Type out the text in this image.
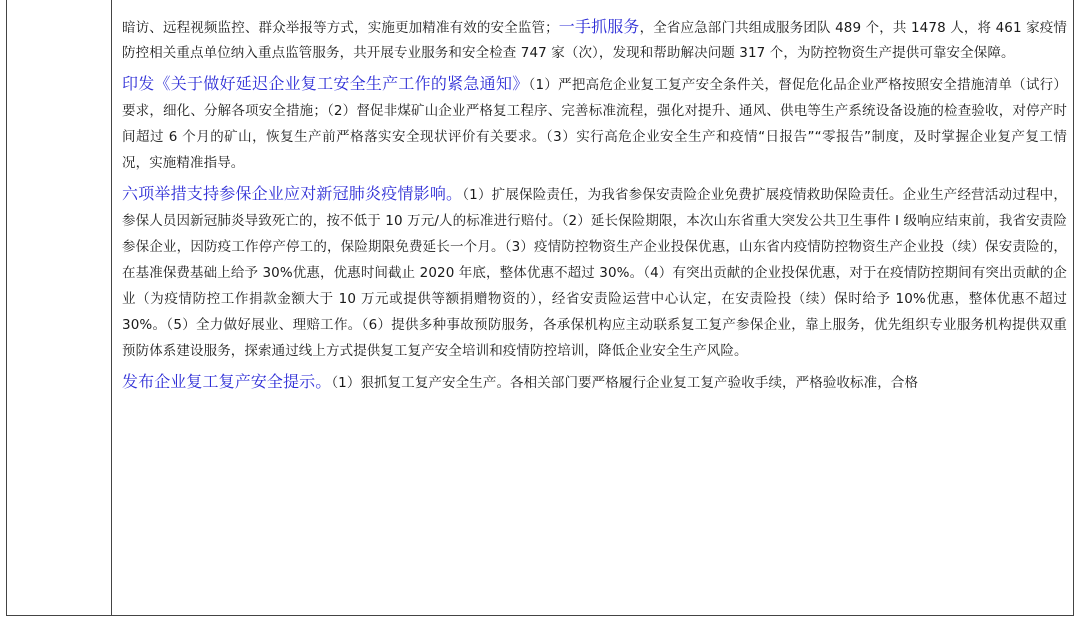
暗访、远程视频监控、群众举报等方式，实施更加精准有效的安全监管；一手抓服务，全省应急部门共组成服务团队 489 个，共 1478 人，将 461 家疫情防控相关重点单位纳入重点监管服务，共开展专业服务和安全检查 747 家（次），发现和帮助解决问题 317 个，为防控物资生产提供可靠安全保障。

印发《关于做好延迟企业复工安全生产工作的紧急通知》（1）严把高危企业复工复产安全条件关，督促危化品企业严格按照安全措施清单（试行）要求，细化、分解各项安全措施；（2）督促非煤矿山企业严格复工程序、完善标准流程，强化对提升、通风、供电等生产系统设备设施的检查验收，对停产时间超过 6 个月的矿山，恢复生产前严格落实安全现状评价有关要求。（3）实行高危企业安全生产和疫情“日报告”“零报告”制度，及时掌握企业复产复工情况，实施精准指导。

六项举措支持参保企业应对新冠肺炎疫情影响。（1）扩展保险责任，为我省参保安责险企业免费扩展疫情救助保险责任。企业生产经营活动过程中，参保人员因新冠肺炎导致死亡的，按不低于 10 万元/人的标准进行赔付。（2）延长保险期限，本次山东省重大突发公共卫生事件 I 级响应结束前，我省安责险参保企业，因防疫工作停产停工的，保险期限免费延长一个月。（3）疫情防控物资生产企业投保优惠，山东省内疫情防控物资生产企业投（续）保安责险的，在基准保费基础上给予 30%优惠，优惠时间截止 2020 年底，整体优惠不超过 30%。（4）有突出贡献的企业投保优惠，对于在疫情防控期间有突出贡献的企业（为疫情防控工作捐款金额大于 10 万元或提供等额捐赠物资的），经省安责险运营中心认定，在安责险投（续）保时给予 10%优惠，整体优惠不超过 30%。（5）全力做好展业、理赔工作。（6）提供多种事故预防服务，各承保机构应主动联系复工复产参保企业，靠上服务，优先组织专业服务机构提供双重预防体系建设服务，探索通过线上方式提供复工复产安全培训和疫情防控培训，降低企业安全生产风险。

发布企业复工复产安全提示。（1）狠抓复工复产安全生产。各相关部门要严格履行企业复工复产验收手续，严格验收标准，合格
